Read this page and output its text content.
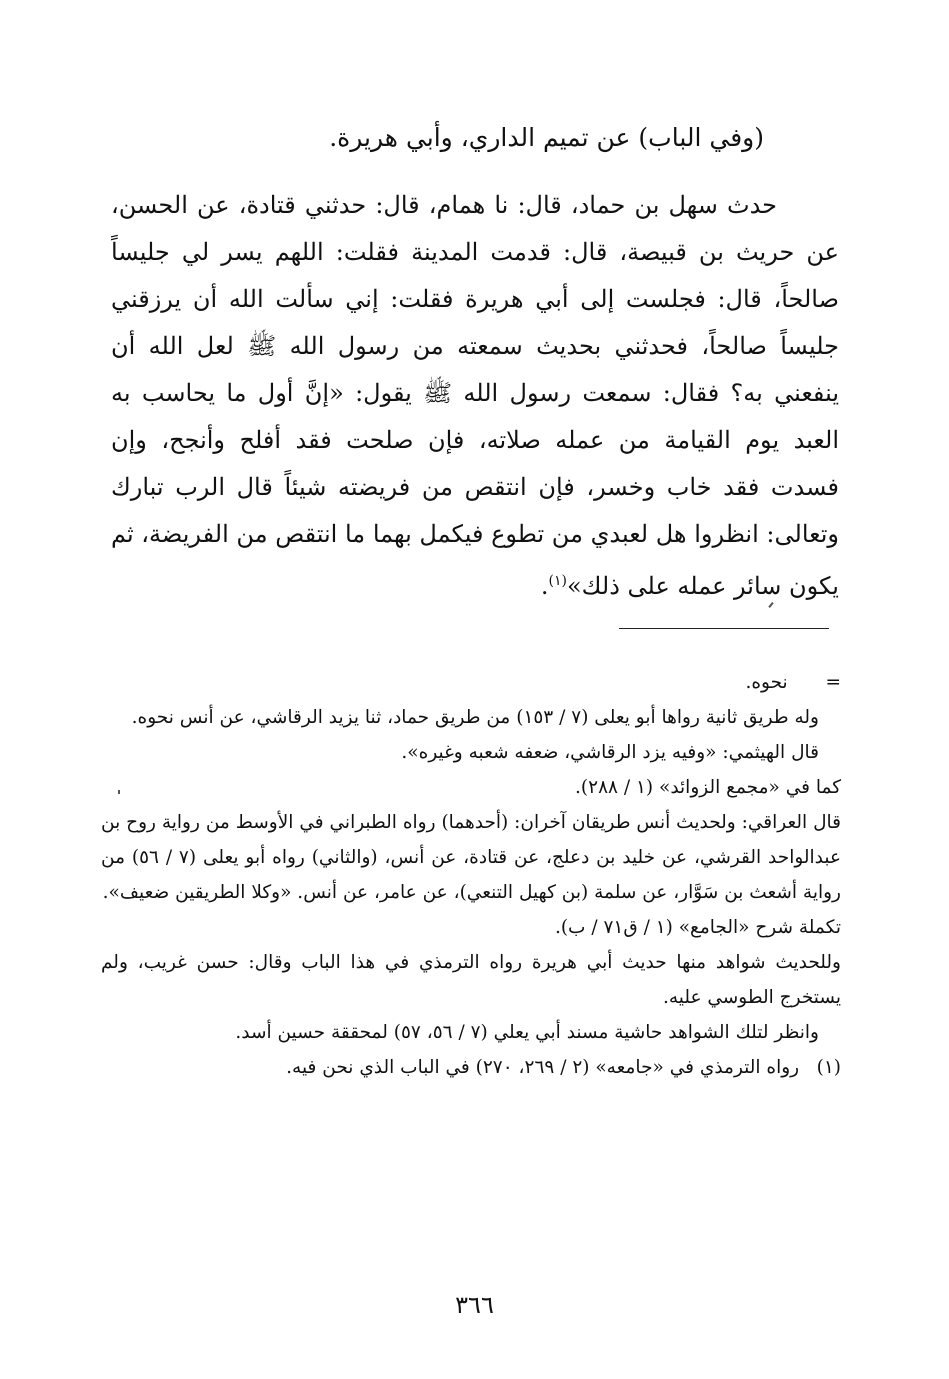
(وفي الباب) عن تميم الداري، وأبي هريرة.
حدث سهل بن حماد، قال: نا همام، قال: حدثني قتادة، عن الحسن، عن حريث بن قبيصة، قال: قدمت المدينة فقلت: اللهم يسر لي جليساً صالحاً، قال: فجلست إلى أبي هريرة فقلت: إني سألت الله أن يرزقني جليساً صالحاً، فحدثني بحديث سمعته من رسول الله ﷺ لعل الله أن ينفعني به؟ فقال: سمعت رسول الله ﷺ يقول: «إنَّ أول ما يحاسب به العبد يوم القيامة من عمله صلاته، فإن صلحت فقد أفلح وأنجح، وإن فسدت فقد خاب وخسر، فإن انتقص من فريضته شيئاً قال الرب تبارك وتعالى: انظروا هل لعبدي من تطوع فيكمل بهما ما انتقص من الفريضة، ثم يكون سائر عمله على ذلك»$^{(١)}$.
=  نحوه.
وله طريق ثانية رواها أبو يعلى (٧ / ١٥٣) من طريق حماد، ثنا يزيد الرقاشي، عن أنس نحوه.
قال الهيثمي: «وفيه يزد الرقاشي، ضعفه شعبه وغيره».
كما في «مجمع الزوائد» (١ / ٢٨٨).
قال العراقي: ولحديث أنس طريقان آخران: (أحدهما) رواه الطبراني في الأوسط من رواية روح بن عبدالواحد القرشي، عن خليد بن دعلج، عن قتادة، عن أنس، (والثاني) رواه أبو يعلى (٧ / ٥٦) من رواية أشعث بن سَوَّار، عن سلمة (بن كهيل التنعي)، عن عامر، عن أنس. «وكلا الطريقين ضعيف».
تكملة شرح «الجامع» (١ / ق٧١ / ب).
وللحديث شواهد منها حديث أبي هريرة رواه الترمذي في هذا الباب وقال: حسن غريب، ولم يستخرج الطوسي عليه.
وانظر لتلك الشواهد حاشية مسند أبي يعلي (٧ / ٥٦، ٥٧) لمحققة حسين أسد.
(١) رواه الترمذي في «جامعه» (٢ / ٢٦٩، ٢٧٠) في الباب الذي نحن فيه.
٣٦٦
